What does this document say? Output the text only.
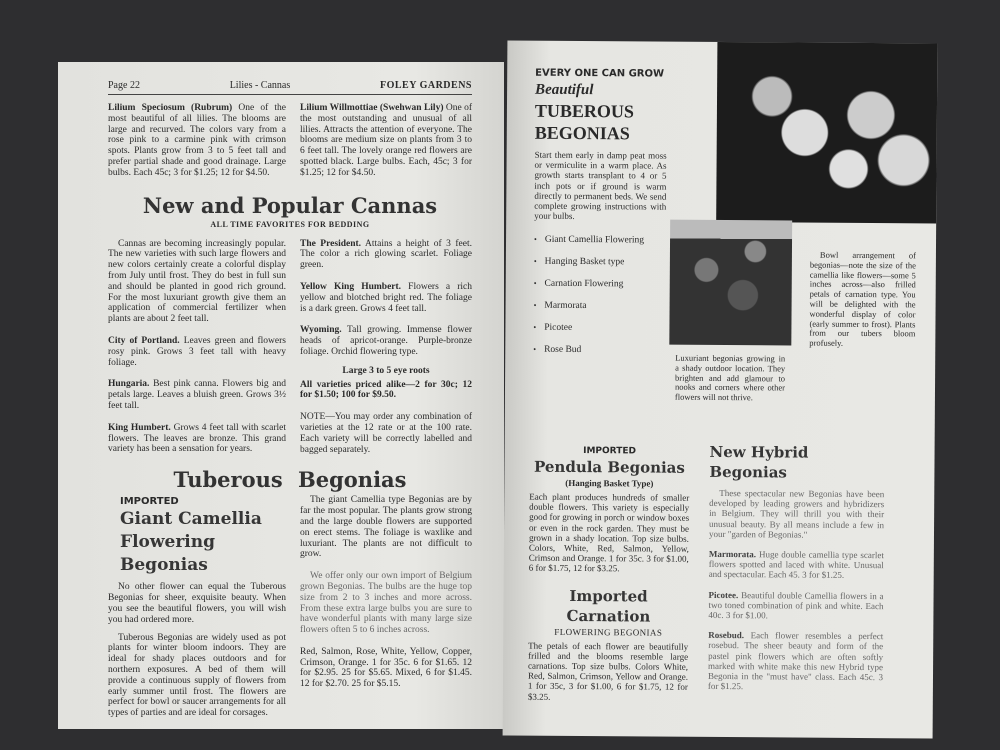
Page 22	Lilies - Cannas	FOLEY GARDENS
Lilium Speciosum (Rubrum) One of the most beautiful of all lilies. The blooms are large and recurved. The colors vary from a rose pink to a carmine pink with crimson spots. Plants grow from 3 to 5 feet tall and prefer partial shade and good drainage. Large bulbs. Each 45c; 3 for $1.25; 12 for $4.50.
Lilium Willmottiae (Swehwan Lily) One of the most outstanding and unusual of all lilies. Attracts the attention of everyone. The blooms are medium size on plants from 3 to 6 feet tall. The lovely orange red flowers are spotted black. Large bulbs. Each, 45c; 3 for $1.25; 12 for $4.50.
New and Popular Cannas
ALL TIME FAVORITES FOR BEDDING
Cannas are becoming increasingly popular. The new varieties with such large flowers and new colors certainly create a colorful display from July until frost. They do best in full sun and should be planted in good rich ground. For the most luxuriant growth give them an application of commercial fertilizer when plants are about 2 feet tall.
City of Portland. Leaves green and flowers rosy pink. Grows 3 feet tall with heavy foliage.
Hungaria. Best pink canna. Flowers big and petals large. Leaves a bluish green. Grows 3½ feet tall.
King Humbert. Grows 4 feet tall with scarlet flowers. The leaves are bronze. This grand variety has been a sensation for years.
The President. Attains a height of 3 feet. The color a rich glowing scarlet. Foliage green.
Yellow King Humbert. Flowers a rich yellow and blotched bright red. The foliage is a dark green. Grows 4 feet tall.
Wyoming. Tall growing. Immense flower heads of apricot-orange. Purple-bronze foliage. Orchid flowering type.
Large 3 to 5 eye roots
All varieties priced alike—2 for 30c; 12 for $1.50; 100 for $9.50.
NOTE—You may order any combination of varieties at the 12 rate or at the 100 rate. Each variety will be correctly labelled and bagged separately.
Tuberous Begonias
IMPORTED
Giant Camellia
Flowering Begonias
No other flower can equal the Tuberous Begonias for sheer, exquisite beauty. When you see the beautiful flowers, you will wish you had ordered more.
Tuberous Begonias are widely used as pot plants for winter bloom indoors. They are ideal for shady places outdoors and for northern exposures. A bed of them will provide a continuous supply of flowers from early summer until frost. The flowers are perfect for bowl or saucer arrangements for all types of parties and are ideal for corsages.
The giant Camellia type Begonias are by far the most popular. The plants grow strong and the large double flowers are supported on erect stems. The foliage is waxlike and luxuriant. The plants are not difficult to grow.
We offer only our own import of Belgium grown Begonias. The bulbs are the huge top size from 2 to 3 inches and more across. From these extra large bulbs you are sure to have wonderful plants with many large size flowers often 5 to 6 inches across.
Red, Salmon, Rose, White, Yellow, Copper, Crimson, Orange. 1 for 35c. 6 for $1.65. 12 for $2.95. 25 for $5.65. Mixed, 6 for $1.45. 12 for $2.70. 25 for $5.15.
EVERY ONE CAN GROW
Beautiful
TUBEROUS
BEGONIAS
Start them early in damp peat moss or vermiculite in a warm place. As growth starts transplant to 4 or 5 inch pots or if ground is warm directly to permanent beds. We send complete growing instructions with your bulbs.
• Giant Camellia Flowering
• Hanging Basket type
• Carnation Flowering
• Marmorata
• Picotee
• Rose Bud
Bowl arrangement of begonias—note the size of the camellia like flowers—some 5 inches across—also frilled petals of carnation type. You will be delighted with the wonderful display of color (early summer to frost). Plants from our tubers bloom profusely.
Luxuriant begonias growing in a shady outdoor location. They brighten and add glamour to nooks and corners where other flowers will not thrive.
IMPORTED
Pendula Begonias
(Hanging Basket Type)
Each plant produces hundreds of smaller double flowers. This variety is especially good for growing in porch or window boxes or even in the rock garden. They must be grown in a shady location. Top size bulbs. Colors, White, Red, Salmon, Yellow, Crimson and Orange. 1 for 35c. 3 for $1.00, 6 for $1.75, 12 for $3.25.
Imported Carnation
FLOWERING BEGONIAS
The petals of each flower are beautifully frilled and the blooms resemble large carnations. Top size bulbs. Colors White, Red, Salmon, Crimson, Yellow and Orange. 1 for 35c, 3 for $1.00, 6 for $1.75, 12 for $3.25.
New Hybrid Begonias
These spectacular new Begonias have been developed by leading growers and hybridizers in Belgium. They will thrill you with their unusual beauty. By all means include a few in your "garden of Begonias."
Marmorata. Huge double camellia type scarlet flowers spotted and laced with white. Unusual and spectacular. Each 45. 3 for $1.25.
Picotee. Beautiful double Camellia flowers in a two toned combination of pink and white. Each 40c. 3 for $1.00.
Rosebud. Each flower resembles a perfect rosebud. The sheer beauty and form of the pastel pink flowers which are often softly marked with white make this new Hybrid type Begonia in the "must have" class. Each 45c. 3 for $1.25.
